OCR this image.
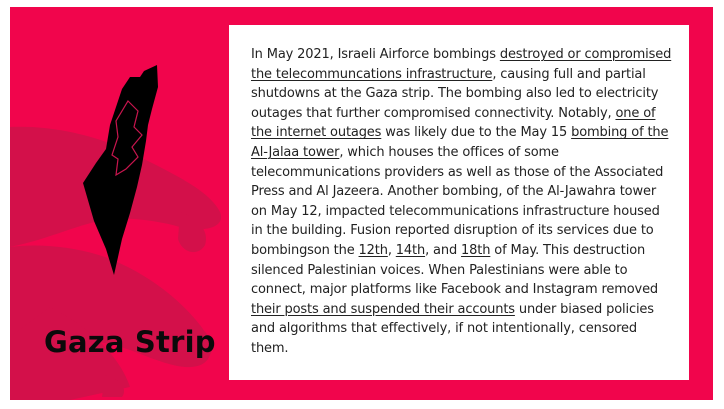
Gaza Strip

In May 2021, Israeli Airforce bombings destroyed or compromised the telecommuncations infrastructure, causing full and partial shutdowns at the Gaza strip. The bombing also led to electricity outages that further compromised connectivity. Notably, one of the internet outages was likely due to the May 15 bombing of the Al-Jalaa tower, which houses the offices of some telecommunications providers as well as those of the Associated Press and Al Jazeera. Another bombing, of the Al-Jawahra tower on May 12, impacted telecommunications infrastructure housed in the building. Fusion reported disruption of its services due to bombingson the 12th, 14th, and 18th of May. This destruction silenced Palestinian voices. When Palestinians were able to connect, major platforms like Facebook and Instagram removed their posts and suspended their accounts under biased policies and algorithms that effectively, if not intentionally, censored them.
